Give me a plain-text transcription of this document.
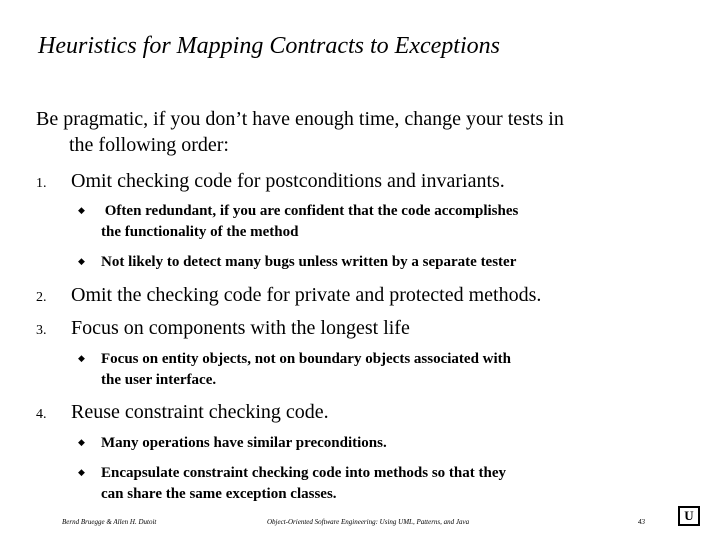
Heuristics for Mapping Contracts to Exceptions
Be pragmatic, if you don’t have enough time, change your tests in
the following order:
1. Omit checking code for postconditions and invariants.
◆ Often redundant, if you are confident that the code accomplishes
the functionality of the method
◆ Not likely to detect many bugs unless written by a separate tester
2. Omit the checking code for private and protected methods.
3. Focus on components with the longest life
◆ Focus on entity objects, not on boundary objects associated with
the user interface.
4. Reuse constraint checking code.
◆ Many operations have similar preconditions.
◆ Encapsulate constraint checking code into methods so that they
can share the same exception classes.
Bernd Bruegge & Allen H. Dutoit	Object-Oriented Software Engineering: Using UML, Patterns, and Java	43	U
